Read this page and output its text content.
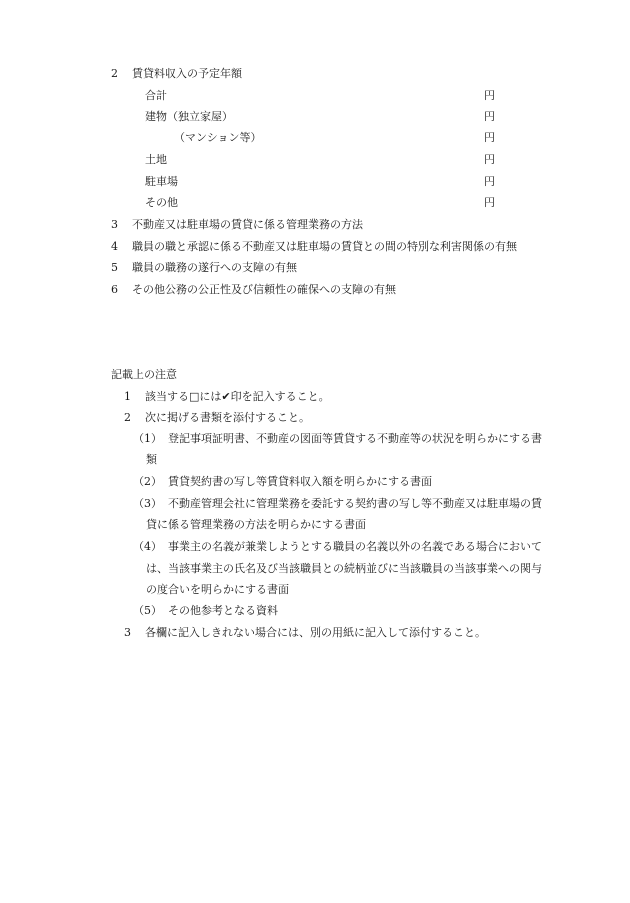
2 賃貸料収入の予定年額
合計	円
建物（独立家屋）	円
（マンション等）	円
土地	円
駐車場	円
その他	円
3 不動産又は駐車場の賃貸に係る管理業務の方法
4 職員の職と承認に係る不動産又は駐車場の賃貸との間の特別な利害関係の有無
5 職員の職務の遂行への支障の有無
6 その他公務の公正性及び信頼性の確保への支障の有無
記載上の注意
1 該当する□には✔印を記入すること。
2 次に掲げる書類を添付すること。
（1） 登記事項証明書、不動産の図面等賃貸する不動産等の状況を明らかにする書
類
（2） 賃貸契約書の写し等賃貸料収入額を明らかにする書面
（3） 不動産管理会社に管理業務を委託する契約書の写し等不動産又は駐車場の賃
貸に係る管理業務の方法を明らかにする書面
（4） 事業主の名義が兼業しようとする職員の名義以外の名義である場合において
は、当該事業主の氏名及び当該職員との続柄並びに当該職員の当該事業への関与
の度合いを明らかにする書面
（5） その他参考となる資料
3 各欄に記入しきれない場合には、別の用紙に記入して添付すること。
